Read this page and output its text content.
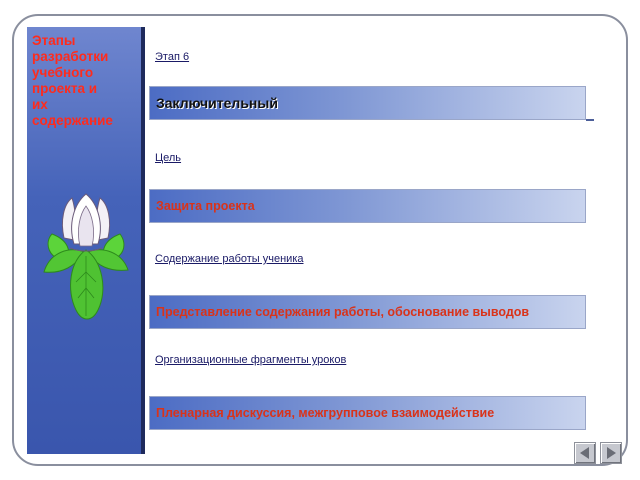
Этапы
разработки
учебного
проекта и
их
содержание
Этап 6
Заключительный
Цель
Защита проекта
Содержание работы ученика
Представление содержания работы, обоснование выводов
Организационные фрагменты уроков
Пленарная дискуссия, межгрупповое взаимодействие
